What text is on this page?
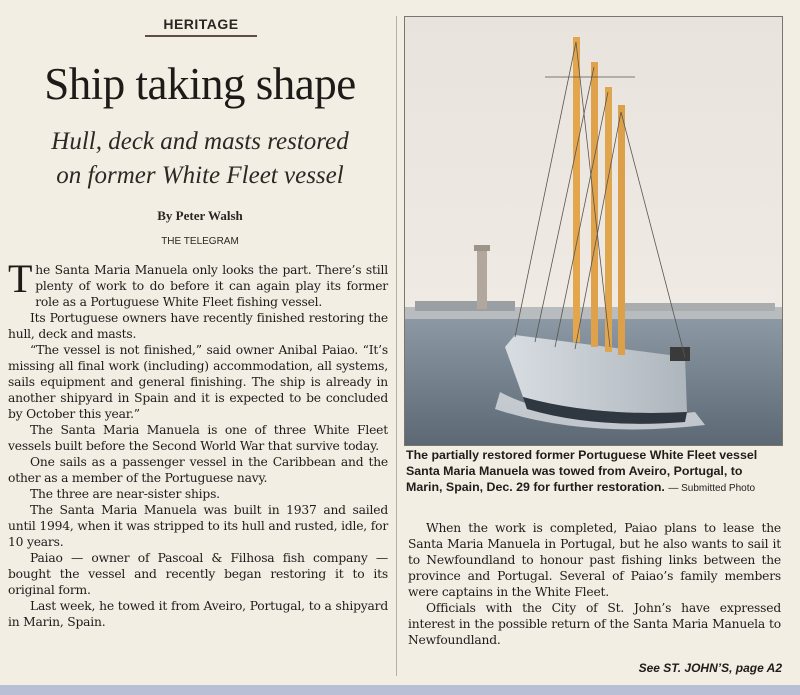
HERITAGE
Ship taking shape
Hull, deck and masts restored
on former White Fleet vessel
By Peter Walsh
THE TELEGRAM

The Santa Maria Manuela only looks the part. There’s still plenty of work to do before it can again play its former role as a Portuguese White Fleet fishing vessel.

Its Portuguese owners have recently finished restoring the hull, deck and masts.

“The vessel is not finished,” said owner Anibal Paiao. “It’s missing all final work (including) accommodation, all systems, sails equipment and general finishing. The ship is already in another shipyard in Spain and it is expected to be concluded by October this year.”

The Santa Maria Manuela is one of three White Fleet vessels built before the Second World War that survive today.

One sails as a passenger vessel in the Caribbean and the other as a member of the Portuguese navy.

The three are near-sister ships.

The Santa Maria Manuela was built in 1937 and sailed until 1994, when it was stripped to its hull and rusted, idle, for 10 years.

Paiao — owner of Pascoal & Filhosa fish company — bought the vessel and recently began restoring it to its original form.

Last week, he towed it from Aveiro, Portugal, to a shipyard in Marin, Spain.

The partially restored former Portuguese White Fleet vessel Santa Maria Manuela was towed from Aveiro, Portugal, to Marin, Spain, Dec. 29 for further restoration. — Submitted Photo

When the work is completed, Paiao plans to lease the Santa Maria Manuela in Portugal, but he also wants to sail it to Newfoundland to honour past fishing links between the province and Portugal. Several of Paiao’s family members were captains in the White Fleet.

Officials with the City of St. John’s have expressed interest in the possible return of the Santa Maria Manuela to Newfoundland.

See ST. JOHN’S, page A2
